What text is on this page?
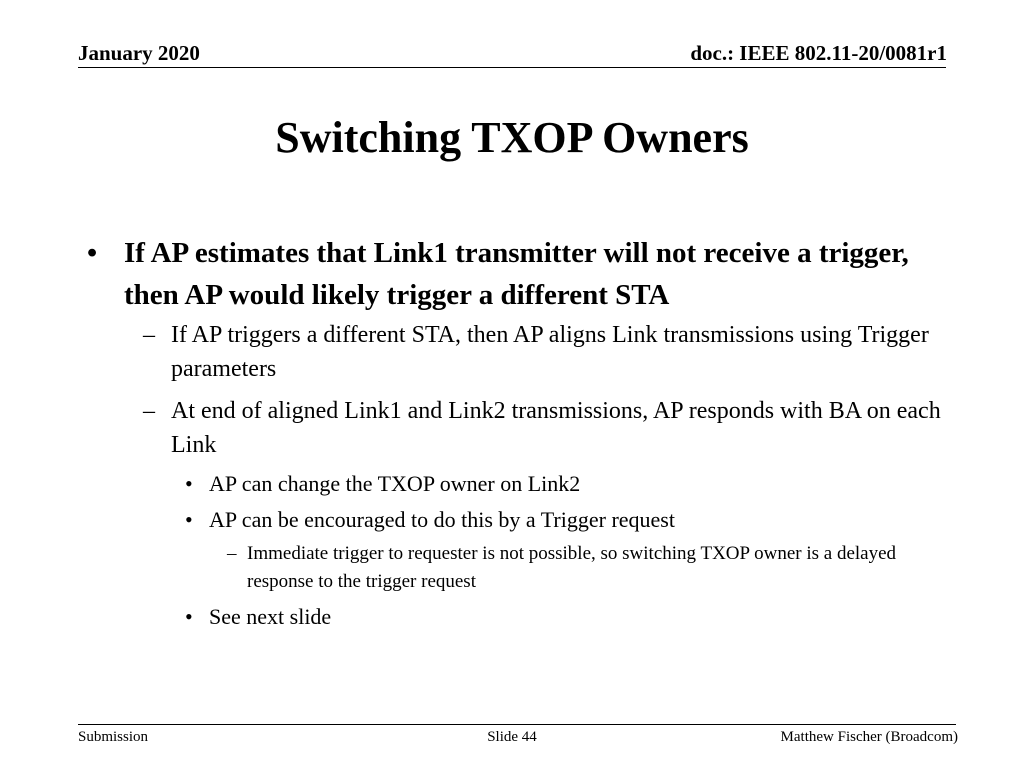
January 2020	doc.: IEEE 802.11-20/0081r1
Switching TXOP Owners
• If AP estimates that Link1 transmitter will not receive a trigger, then AP would likely trigger a different STA
– If AP triggers a different STA, then AP aligns Link transmissions using Trigger parameters
– At end of aligned Link1 and Link2 transmissions, AP responds with BA on each Link
• AP can change the TXOP owner on Link2
• AP can be encouraged to do this by a Trigger request
– Immediate trigger to requester is not possible, so switching TXOP owner is a delayed response to the trigger request
• See next slide
Submission	Slide 44	Matthew Fischer (Broadcom)
